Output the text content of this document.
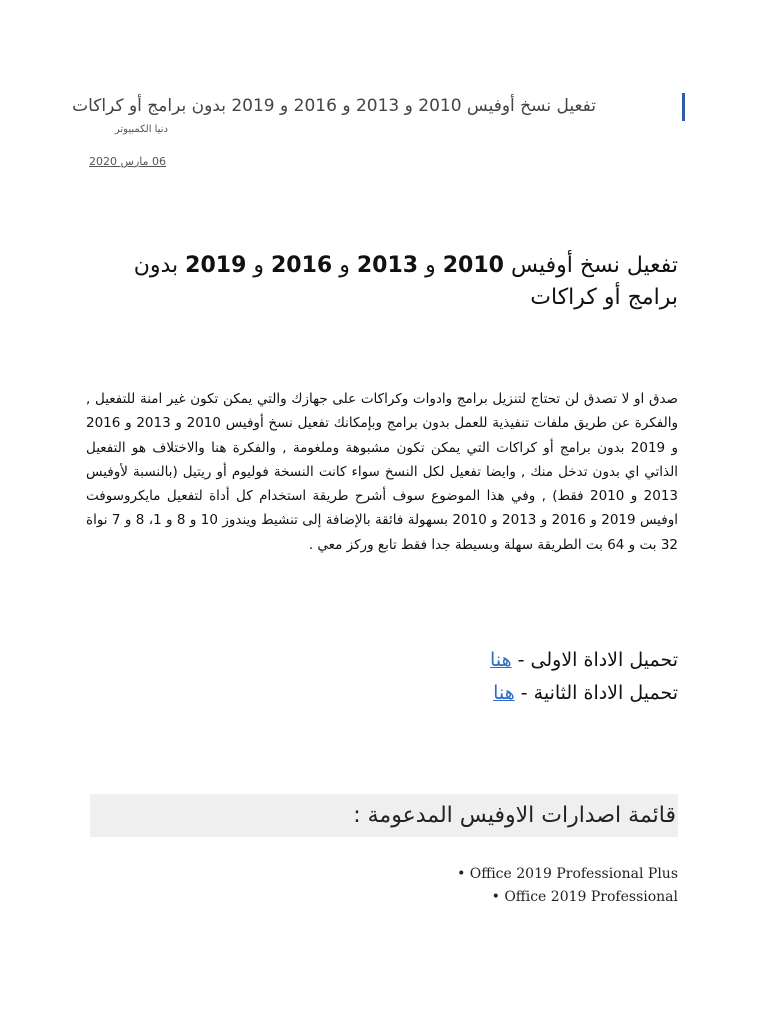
تفعيل نسخ أوفيس 2010 و 2013 و 2016 و 2019 بدون برامج أو كراكات
دنيا الكمبيوتر
06 مارس 2020
تفعيل نسخ أوفيس 2010 و 2013 و 2016 و 2019 بدون برامج أو كراكات

صدق او لا تصدق لن تحتاج لتنزيل برامج وادوات وكراكات على جهازك والتي يمكن تكون غير امنة للتفعيل , والفكرة عن طريق ملفات تنفيذية للعمل بدون برامج وبإمكانك تفعيل نسخ أوفيس 2010 و 2013 و 2016 و 2019 بدون برامج أو كراكات التي يمكن تكون مشبوهة وملغومة , والفكرة هنا والاختلاف هو التفعيل الذاتي اي بدون تدخل منك , وايضا تفعيل لكل النسخ سواء كانت النسخة فوليوم أو ريتيل (بالنسبة لأوفيس 2013 و 2010 فقط) , وفي هذا الموضوع سوف أشرح طريقة استخدام كل أداة لتفعيل مايكروسوفت اوفيس 2019 و 2016 و 2013 و 2010 بسهولة فائقة بالإضافة إلى تنشيط ويندوز 10 و 8 و 1، 8 و 7 نواة 32 بت و 64 بت الطريقة سهلة وبسيطة جدا فقط تابع وركز معي .

تحميل الاداة الاولى - هنا
تحميل الاداة الثانية - هنا
قائمة اصدارات الاوفيس المدعومة :
• Office 2019 Professional Plus
• Office 2019 Professional
